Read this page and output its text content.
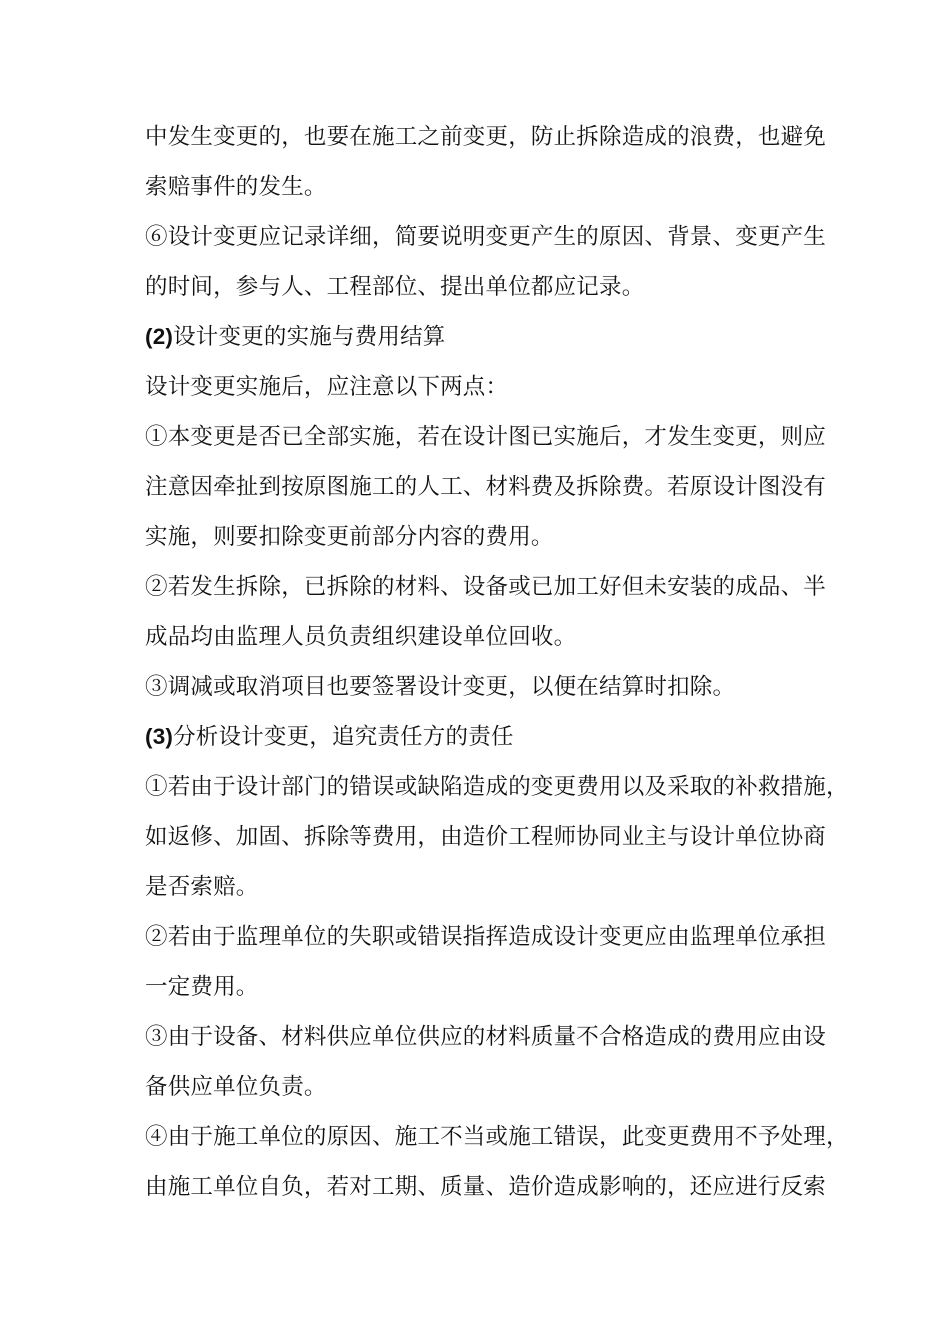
中发生变更的，也要在施工之前变更，防止拆除造成的浪费，也避免
索赔事件的发生。
⑥设计变更应记录详细，简要说明变更产生的原因、背景、变更产生
的时间，参与人、工程部位、提出单位都应记录。
(2)设计变更的实施与费用结算
设计变更实施后，应注意以下两点：
①本变更是否已全部实施，若在设计图已实施后，才发生变更，则应
注意因牵扯到按原图施工的人工、材料费及拆除费。若原设计图没有
实施，则要扣除变更前部分内容的费用。
②若发生拆除，已拆除的材料、设备或已加工好但未安装的成品、半
成品均由监理人员负责组织建设单位回收。
③调减或取消项目也要签署设计变更，以便在结算时扣除。
(3)分析设计变更，追究责任方的责任
①若由于设计部门的错误或缺陷造成的变更费用以及采取的补救措施，
如返修、加固、拆除等费用，由造价工程师协同业主与设计单位协商
是否索赔。
②若由于监理单位的失职或错误指挥造成设计变更应由监理单位承担
一定费用。
③由于设备、材料供应单位供应的材料质量不合格造成的费用应由设
备供应单位负责。
④由于施工单位的原因、施工不当或施工错误，此变更费用不予处理，
由施工单位自负，若对工期、质量、造价造成影响的，还应进行反索
